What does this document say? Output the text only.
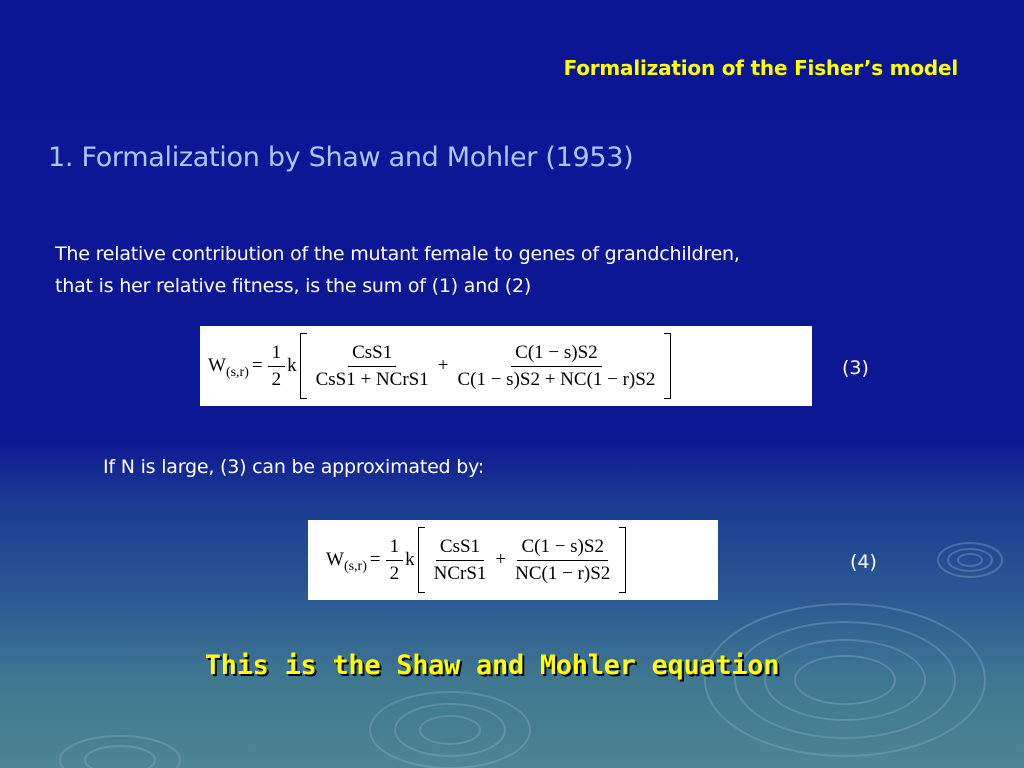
Formalization of the Fisher’s model

1. Formalization by Shaw and Mohler (1953)

The relative contribution of the mutant female to genes of grandchildren,
that is her relative fitness, is the sum of (1) and (2)

$W_{(s,r)} = \frac{1}{2}$ k $\frac{\text{CsS1}}{\text{CsS1 + NCrS1}} + \frac{C(1 - s)S2}{C(1 - s)S2 + NC(1 - r)S2}$	(3)

If N is large, (3) can be approximated by:

$W_{(s,r)} = \frac{1}{2}$ k $\frac{\text{CsS1}}{\text{NCrS1}} + \frac{C(1 - s)S2}{NC(1 - r)S2}$	(4)

This is the Shaw and Mohler equation
